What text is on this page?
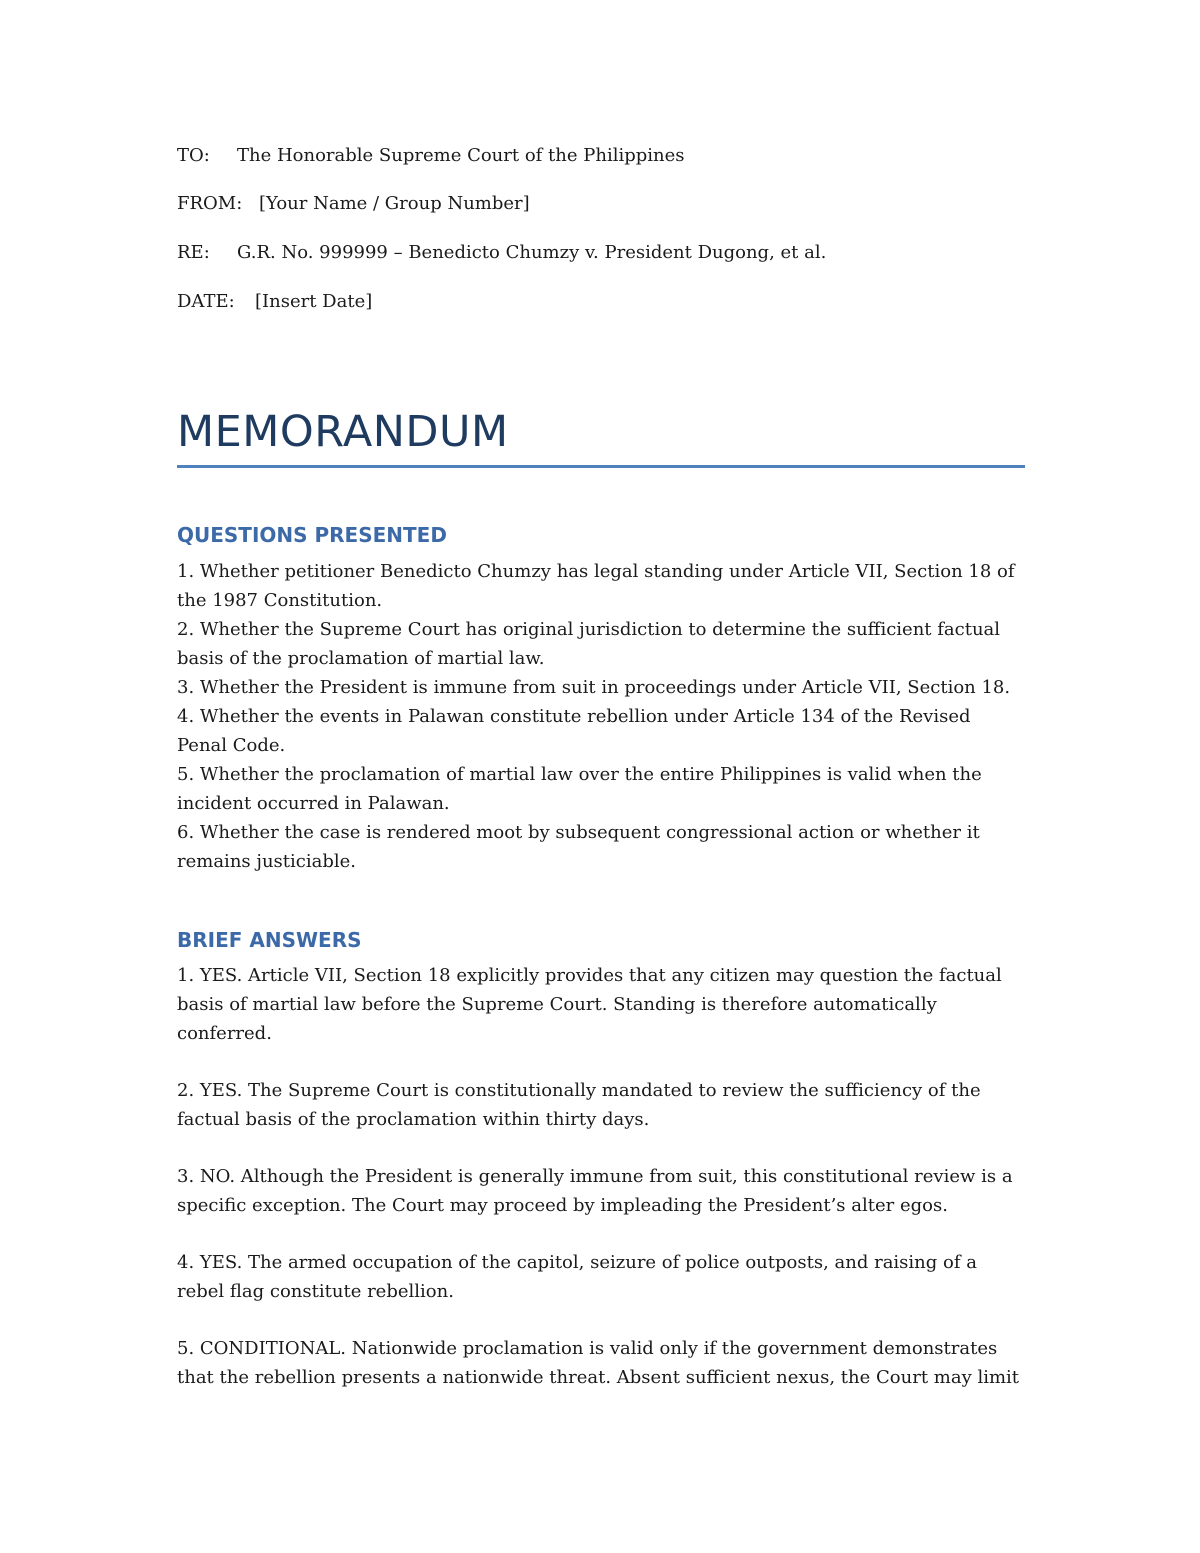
TO: The Honorable Supreme Court of the Philippines
FROM: [Your Name / Group Number]
RE: G.R. No. 999999 – Benedicto Chumzy v. President Dugong, et al.
DATE: [Insert Date]
MEMORANDUM
QUESTIONS PRESENTED
1. Whether petitioner Benedicto Chumzy has legal standing under Article VII, Section 18 of the 1987 Constitution.
2. Whether the Supreme Court has original jurisdiction to determine the sufficient factual basis of the proclamation of martial law.
3. Whether the President is immune from suit in proceedings under Article VII, Section 18.
4. Whether the events in Palawan constitute rebellion under Article 134 of the Revised Penal Code.
5. Whether the proclamation of martial law over the entire Philippines is valid when the incident occurred in Palawan.
6. Whether the case is rendered moot by subsequent congressional action or whether it remains justiciable.
BRIEF ANSWERS
1. YES. Article VII, Section 18 explicitly provides that any citizen may question the factual basis of martial law before the Supreme Court. Standing is therefore automatically conferred.
2. YES. The Supreme Court is constitutionally mandated to review the sufficiency of the factual basis of the proclamation within thirty days.
3. NO. Although the President is generally immune from suit, this constitutional review is a specific exception. The Court may proceed by impleading the President’s alter egos.
4. YES. The armed occupation of the capitol, seizure of police outposts, and raising of a rebel flag constitute rebellion.
5. CONDITIONAL. Nationwide proclamation is valid only if the government demonstrates that the rebellion presents a nationwide threat. Absent sufficient nexus, the Court may limit
